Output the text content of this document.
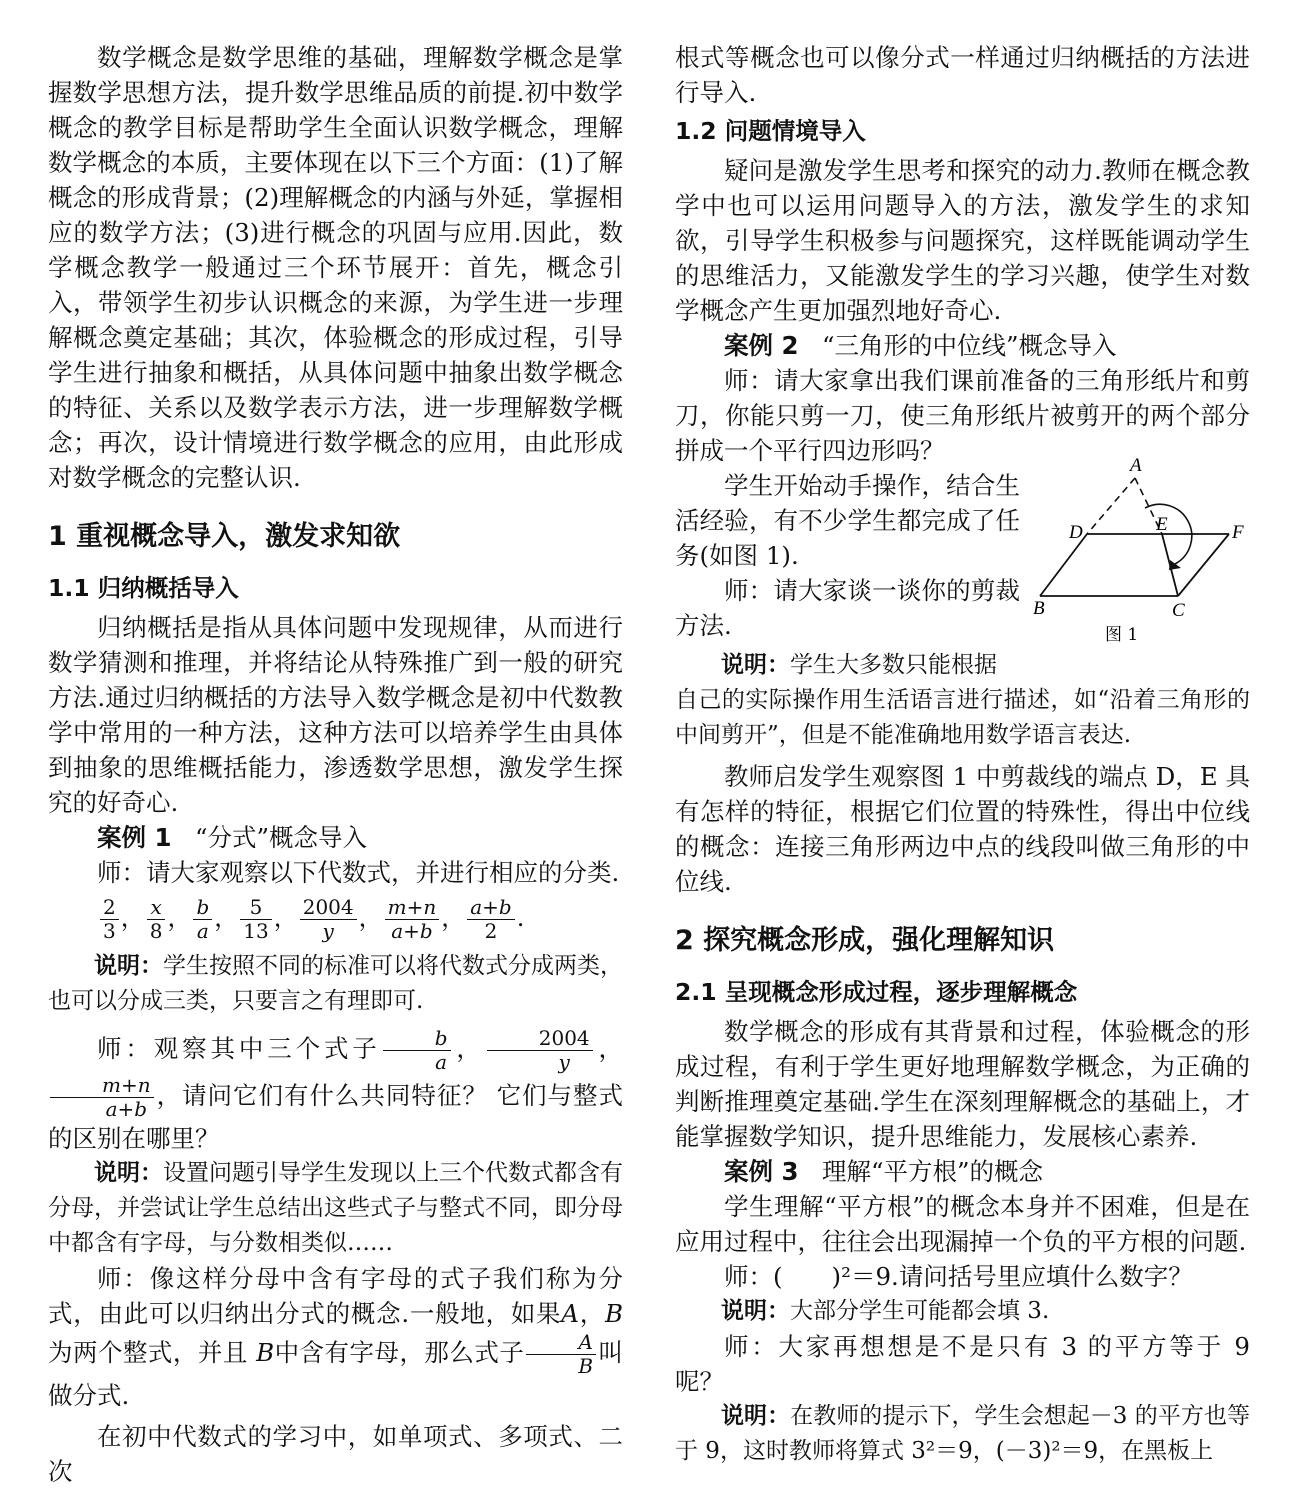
数学概念是数学思维的基础，理解数学概念是掌握数学思想方法，提升数学思维品质的前提.初中数学概念的教学目标是帮助学生全面认识数学概念，理解数学概念的本质，主要体现在以下三个方面：(1)了解概念的形成背景；(2)理解概念的内涵与外延，掌握相应的数学方法；(3)进行概念的巩固与应用.因此，数学概念教学一般通过三个环节展开：首先，概念引入，带领学生初步认识概念的来源，为学生进一步理解概念奠定基础；其次，体验概念的形成过程，引导学生进行抽象和概括，从具体问题中抽象出数学概念的特征、关系以及数学表示方法，进一步理解数学概念；再次，设计情境进行数学概念的应用，由此形成对数学概念的完整认识.

1 重视概念导入，激发求知欲
1.1 归纳概括导入

归纳概括是指从具体问题中发现规律，从而进行数学猜测和推理，并将结论从特殊推广到一般的研究方法.通过归纳概括的方法导入数学概念是初中代数教学中常用的一种方法，这种方法可以培养学生由具体到抽象的思维概括能力，渗透数学思想，激发学生探究的好奇心.

案例 1 “分式”概念导入

师：请大家观察以下代数式，并进行相应的分类.

$\frac{2}{3}$ ， $\frac{x}{8}$ ， $\frac{b}{a}$ ， $\frac{5}{13}$ ， $\frac{2004}{y}$ ， $\frac{m+n}{a+b}$ ， $\frac{a+b}{2}$ .

说明：学生按照不同的标准可以将代数式分成两类，也可以分成三类，只要言之有理即可.

师：观察其中三个式子 $\frac{b}{a}$ ， $\frac{2004}{y}$ ，
$\frac{m+n}{a+b}$ ，请问它们有什么共同特征？ 它们与整式的区别在哪里？

说明：设置问题引导学生发现以上三个代数式都含有分母，并尝试让学生总结出这些式子与整式不同，即分母中都含有字母，与分数相类似……

师：像这样分母中含有字母的式子我们称为分式，由此可以归纳出分式的概念.一般地，如果A，B为两个整式，并且 B中含有字母，那么式子 $\frac{A}{B}$ 叫做分式.

在初中代数式的学习中，如单项式、多项式、二次

根式等概念也可以像分式一样通过归纳概括的方法进行导入.

1.2 问题情境导入

疑问是激发学生思考和探究的动力.教师在概念教学中也可以运用问题导入的方法，激发学生的求知欲，引导学生积极参与问题探究，这样既能调动学生的思维活力，又能激发学生的学习兴趣，使学生对数学概念产生更加强烈地好奇心.

案例 2 “三角形的中位线”概念导入

师：请大家拿出我们课前准备的三角形纸片和剪刀，你能只剪一刀，使三角形纸片被剪开的两个部分拼成一个平行四边形吗？

学生开始动手操作，结合生活经验，有不少学生都完成了任务(如图 1).

师：请大家谈一谈你的剪裁方法.

A
D	E	F
B	C
图 1

说明：学生大多数只能根据

自己的实际操作用生活语言进行描述，如“沿着三角形的中间剪开”，但是不能准确地用数学语言表达.

教师启发学生观察图 1 中剪裁线的端点 D，E 具有怎样的特征，根据它们位置的特殊性，得出中位线的概念：连接三角形两边中点的线段叫做三角形的中位线.

2 探究概念形成，强化理解知识
2.1 呈现概念形成过程，逐步理解概念

数学概念的形成有其背景和过程，体验概念的形成过程，有利于学生更好地理解数学概念，为正确的判断推理奠定基础.学生在深刻理解概念的基础上，才能掌握数学知识，提升思维能力，发展核心素养.

案例 3 理解“平方根”的概念

学生理解“平方根”的概念本身并不困难，但是在应用过程中，往往会出现漏掉一个负的平方根的问题.

师：(　　)²＝9.请问括号里应填什么数字？

说明：大部分学生可能都会填 3.

师：大家再想想是不是只有 3 的平方等于 9 呢？

说明：在教师的提示下，学生会想起－3 的平方也等于 9，这时教师将算式 3²＝9，(－3)²＝9，在黑板上
